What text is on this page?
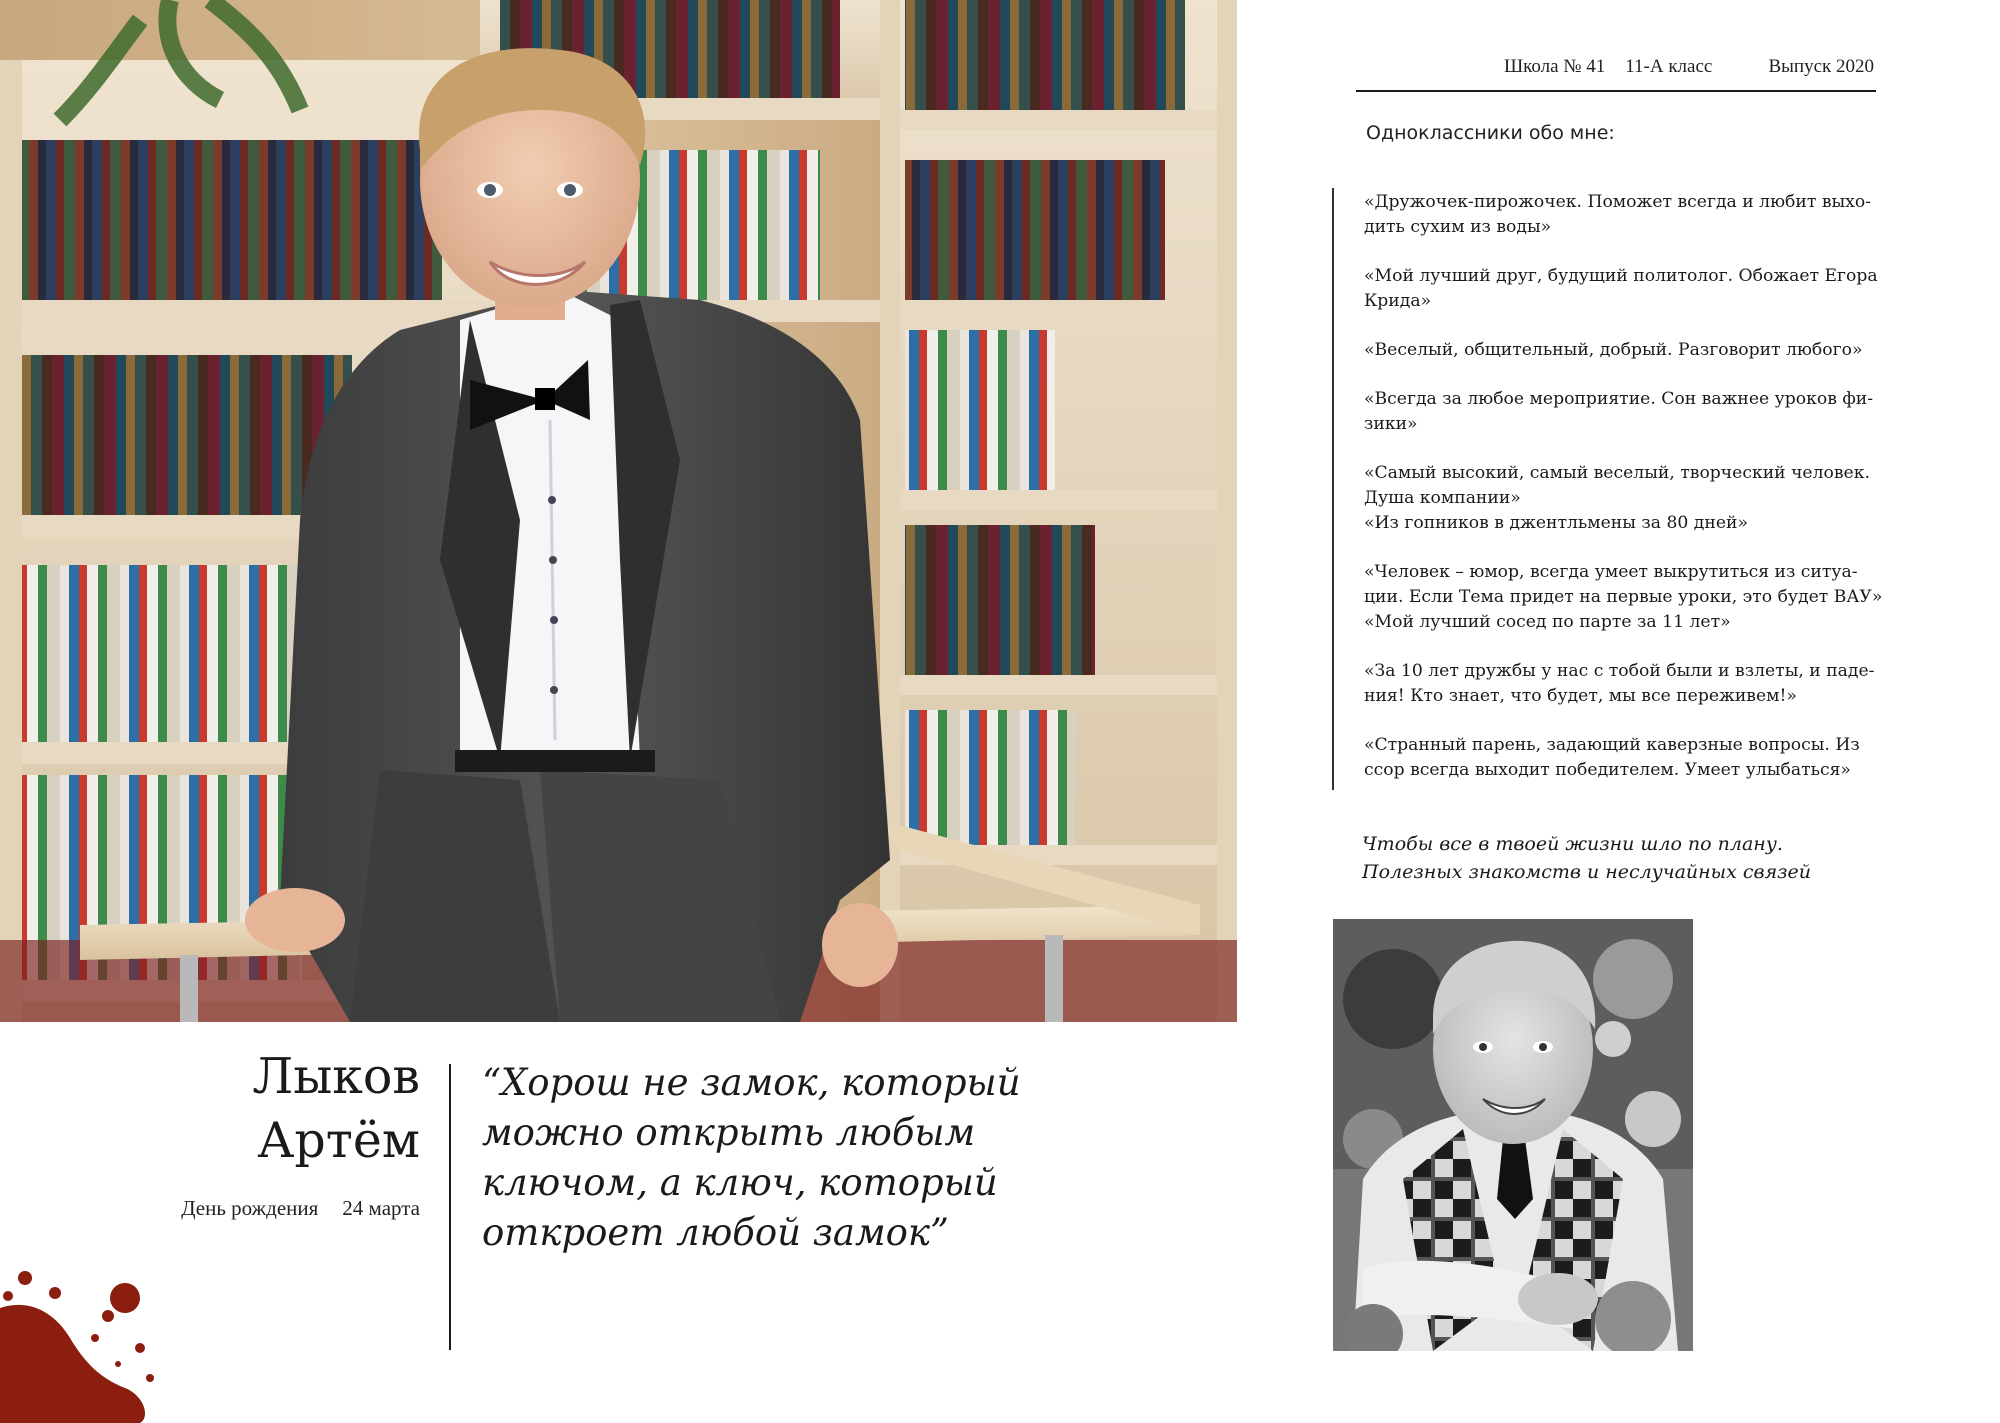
Лыков
Артём
День рождения 24 марта
“Хорош не замок, который
можно открыть любым
ключом, а ключ, который
откроет любой замок”
Школа № 41 11-А класс	Выпуск 2020
Одноклассники обо мне:
«Дружочек-пирожочек. Поможет всегда и любит выхо-
дить сухим из воды»
«Мой лучший друг, будущий политолог. Обожает Егора
Крида»
«Веселый, общительный, добрый. Разговорит любого»
«Всегда за любое мероприятие. Сон важнее уроков фи-
зики»
«Самый высокий, самый веселый, творческий человек.
Душа компании»
«Из гопников в джентльмены за 80 дней»
«Человек – юмор, всегда умеет выкрутиться из ситуа-
ции. Если Тема придет на первые уроки, это будет ВАУ»
«Мой лучший сосед по парте за 11 лет»
«За 10 лет дружбы у нас с тобой были и взлеты, и паде-
ния! Кто знает, что будет, мы все переживем!»
«Странный парень, задающий каверзные вопросы. Из
ссор всегда выходит победителем. Умеет улыбаться»
Чтобы все в твоей жизни шло по плану.
Полезных знакомств и неслучайных связей
